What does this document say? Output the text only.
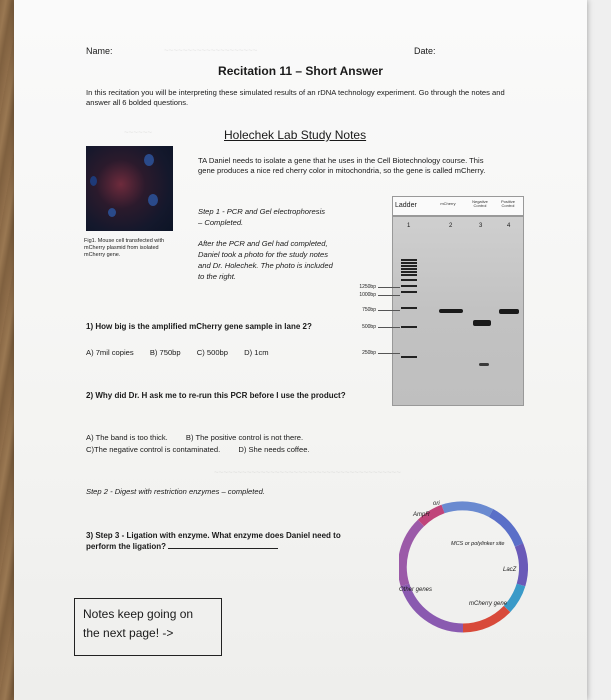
~~~~~~~~~~~~~~~~~~~~
~~~~~~
~~~~~~~~~~~~~~~~~~~~~~~~~~~~~~~~~~~~~~~~
Name:	Date:
Recitation 11 – Short Answer
In this recitation you will be interpreting these simulated results of an rDNA technology experiment. Go through the notes and answer all 6 bolded questions.
Holechek Lab Study Notes
Fig1. Mouse cell transfected with mCherry plasmid from isolated mCherry gene.
TA Daniel needs to isolate a gene that he uses in the Cell Biotechnology course. This gene produces a nice red cherry color in mitochondria, so the gene is called mCherry.
Step 1 - PCR and Gel electrophoresis – Completed.
After the PCR and Gel had completed, Daniel took a photo for the study notes and Dr. Holechek. The photo is included to the right.
Ladder	mCherry	Negative Control
Positive Control
1	2	3	4
1250bp
1000bp
750bp
500bp
250bp
1) How big is the amplified mCherry gene sample in lane 2?
A) 7mil copies B) 750bp C) 500bp D) 1cm
2) Why did Dr. H ask me to re-run this PCR before I use the product?
A) The band is too thick. B) The positive control is not there.
C)The negative control is contaminated. D) She needs coffee.
Step 2 - Digest with restriction enzymes – completed.
3) Step 3 - Ligation with enzyme. What enzyme does Daniel need to perform the ligation?
Notes keep going on
the next page! ->
ori
AmpR
MCS or polylinker site
LacZ
Other genes
mCherry gene
